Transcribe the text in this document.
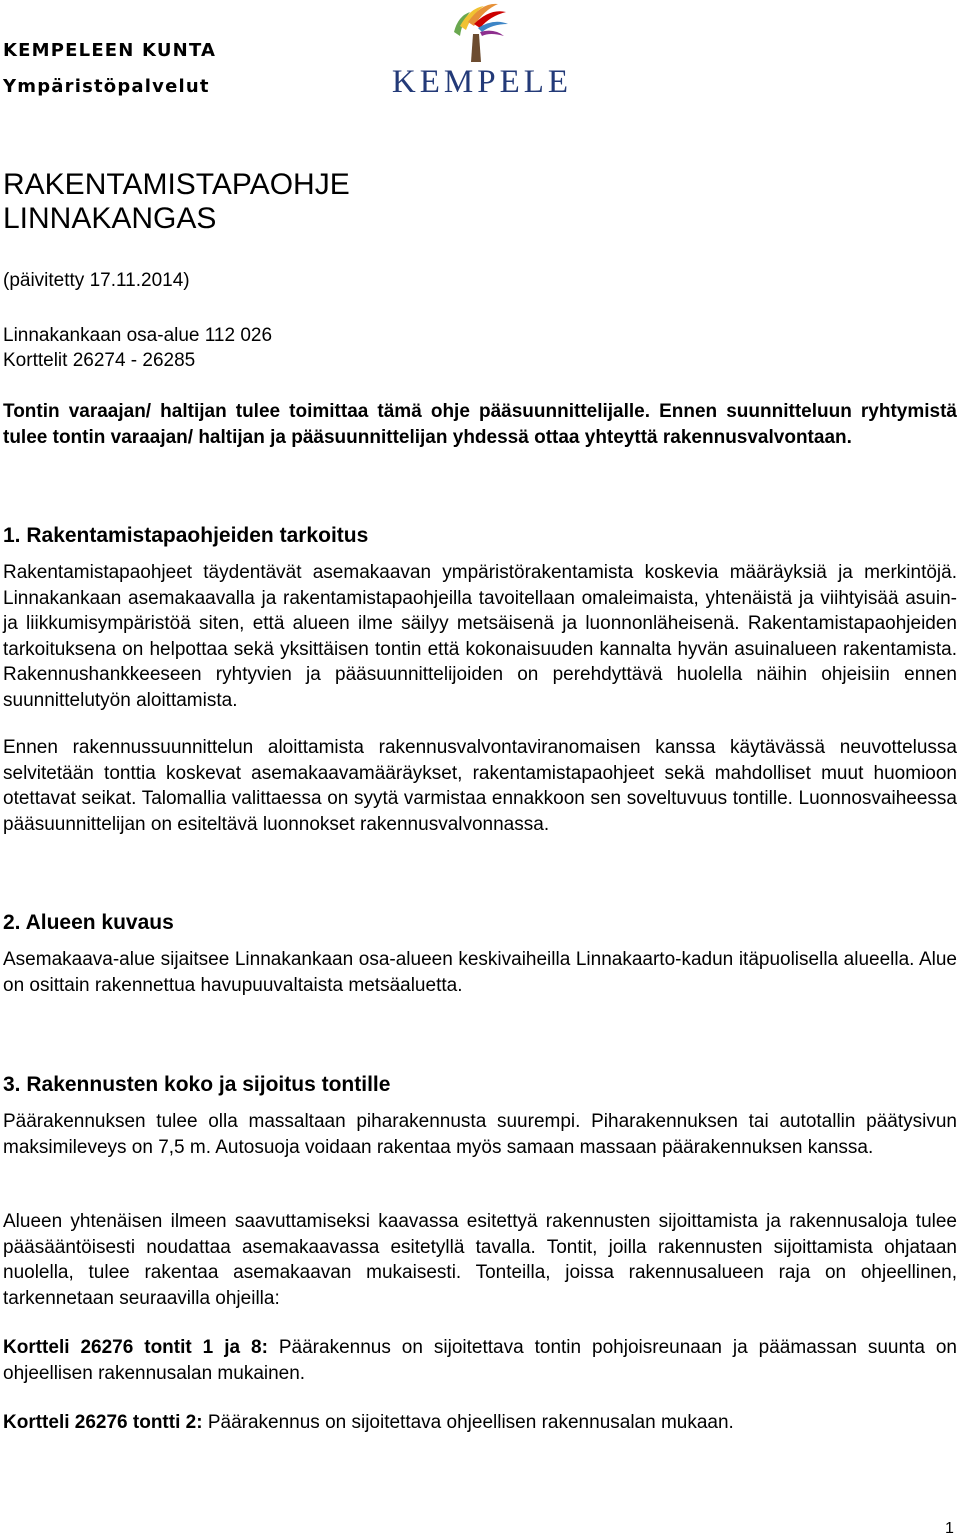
KEMPELEEN KUNTA
Ympäristöpalvelut	KEMPELE
RAKENTAMISTAPAOHJE
LINNAKANGAS
(päivitetty 17.11.2014)
Linnakankaan osa-alue 112 026
Korttelit 26274 - 26285
Tontin varaajan/ haltijan tulee toimittaa tämä ohje pääsuunnittelijalle. Ennen suunnitteluun ryhtymistä tulee tontin varaajan/ haltijan ja pääsuunnittelijan yhdessä ottaa yhteyttä rakennusvalvontaan.
1. Rakentamistapaohjeiden tarkoitus
Rakentamistapaohjeet täydentävät asemakaavan ympäristörakentamista koskevia määräyksiä ja merkintöjä. Linnakankaan asemakaavalla ja rakentamistapaohjeilla tavoitellaan omaleimaista, yhtenäistä ja viihtyisää asuin- ja liikkumisympäristöä siten, että alueen ilme säilyy metsäisenä ja luonnonläheisenä. Rakentamistapaohjeiden tarkoituksena on helpottaa sekä yksittäisen tontin että kokonaisuuden kannalta hyvän asuinalueen rakentamista. Rakennushankkeeseen ryhtyvien ja pääsuunnittelijoiden on perehdyttävä huolella näihin ohjeisiin ennen suunnittelutyön aloittamista.
Ennen rakennussuunnittelun aloittamista rakennusvalvontaviranomaisen kanssa käytävässä neuvottelussa selvitetään tonttia koskevat asemakaavamääräykset, rakentamistapaohjeet sekä mahdolliset muut huomioon otettavat seikat. Talomallia valittaessa on syytä varmistaa ennakkoon sen soveltuvuus tontille. Luonnosvaiheessa pääsuunnittelijan on esiteltävä luonnokset rakennusvalvonnassa.
2. Alueen kuvaus
Asemakaava-alue sijaitsee Linnakankaan osa-alueen keskivaiheilla Linnakaarto-kadun itäpuolisella alueella. Alue on osittain rakennettua havupuuvaltaista metsäaluetta.
3. Rakennusten koko ja sijoitus tontille
Päärakennuksen tulee olla massaltaan piharakennusta suurempi. Piharakennuksen tai autotallin päätysivun maksimileveys on 7,5 m. Autosuoja voidaan rakentaa myös samaan massaan päärakennuksen kanssa.
Alueen yhtenäisen ilmeen saavuttamiseksi kaavassa esitettyä rakennusten sijoittamista ja rakennusaloja tulee pääsääntöisesti noudattaa asemakaavassa esitetyllä tavalla. Tontit, joilla rakennusten sijoittamista ohjataan nuolella, tulee rakentaa asemakaavan mukaisesti. Tonteilla, joissa rakennusalueen raja on ohjeellinen, tarkennetaan seuraavilla ohjeilla:
Kortteli 26276 tontit 1 ja 8: Päärakennus on sijoitettava tontin pohjoisreunaan ja päämassan suunta on ohjeellisen rakennusalan mukainen.
Kortteli 26276 tontti 2: Päärakennus on sijoitettava ohjeellisen rakennusalan mukaan.
1
